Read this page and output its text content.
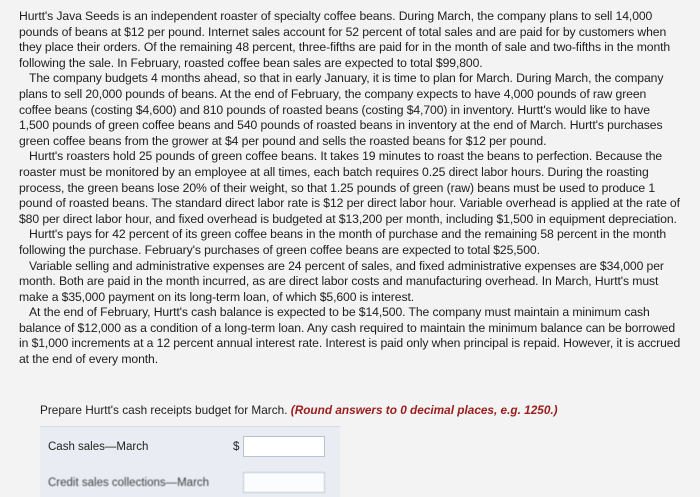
Hurtt's Java Seeds is an independent roaster of specialty coffee beans. During March, the company plans to sell 14,000 pounds of beans at $12 per pound. Internet sales account for 52 percent of total sales and are paid for by customers when they place their orders. Of the remaining 48 percent, three-fifths are paid for in the month of sale and two-fifths in the month following the sale. In February, roasted coffee bean sales are expected to total $99,800.

The company budgets 4 months ahead, so that in early January, it is time to plan for March. During March, the company plans to sell 20,000 pounds of beans. At the end of February, the company expects to have 4,000 pounds of raw green coffee beans (costing $4,600) and 810 pounds of roasted beans (costing $4,700) in inventory. Hurtt's would like to have 1,500 pounds of green coffee beans and 540 pounds of roasted beans in inventory at the end of March. Hurtt's purchases green coffee beans from the grower at $4 per pound and sells the roasted beans for $12 per pound.

Hurtt's roasters hold 25 pounds of green coffee beans. It takes 19 minutes to roast the beans to perfection. Because the roaster must be monitored by an employee at all times, each batch requires 0.25 direct labor hours. During the roasting process, the green beans lose 20% of their weight, so that 1.25 pounds of green (raw) beans must be used to produce 1 pound of roasted beans. The standard direct labor rate is $12 per direct labor hour. Variable overhead is applied at the rate of $80 per direct labor hour, and fixed overhead is budgeted at $13,200 per month, including $1,500 in equipment depreciation.

Hurtt's pays for 42 percent of its green coffee beans in the month of purchase and the remaining 58 percent in the month following the purchase. February's purchases of green coffee beans are expected to total $25,500.

Variable selling and administrative expenses are 24 percent of sales, and fixed administrative expenses are $34,000 per month. Both are paid in the month incurred, as are direct labor costs and manufacturing overhead. In March, Hurtt's must make a $35,000 payment on its long-term loan, of which $5,600 is interest.

At the end of February, Hurtt's cash balance is expected to be $14,500. The company must maintain a minimum cash balance of $12,000 as a condition of a long-term loan. Any cash required to maintain the minimum balance can be borrowed in $1,000 increments at a 12 percent annual interest rate. Interest is paid only when principal is repaid. However, it is accrued at the end of every month.

Prepare Hurtt's cash receipts budget for March. (Round answers to 0 decimal places, e.g. 1250.)
Cash sales—March	$
Credit sales collections—March
